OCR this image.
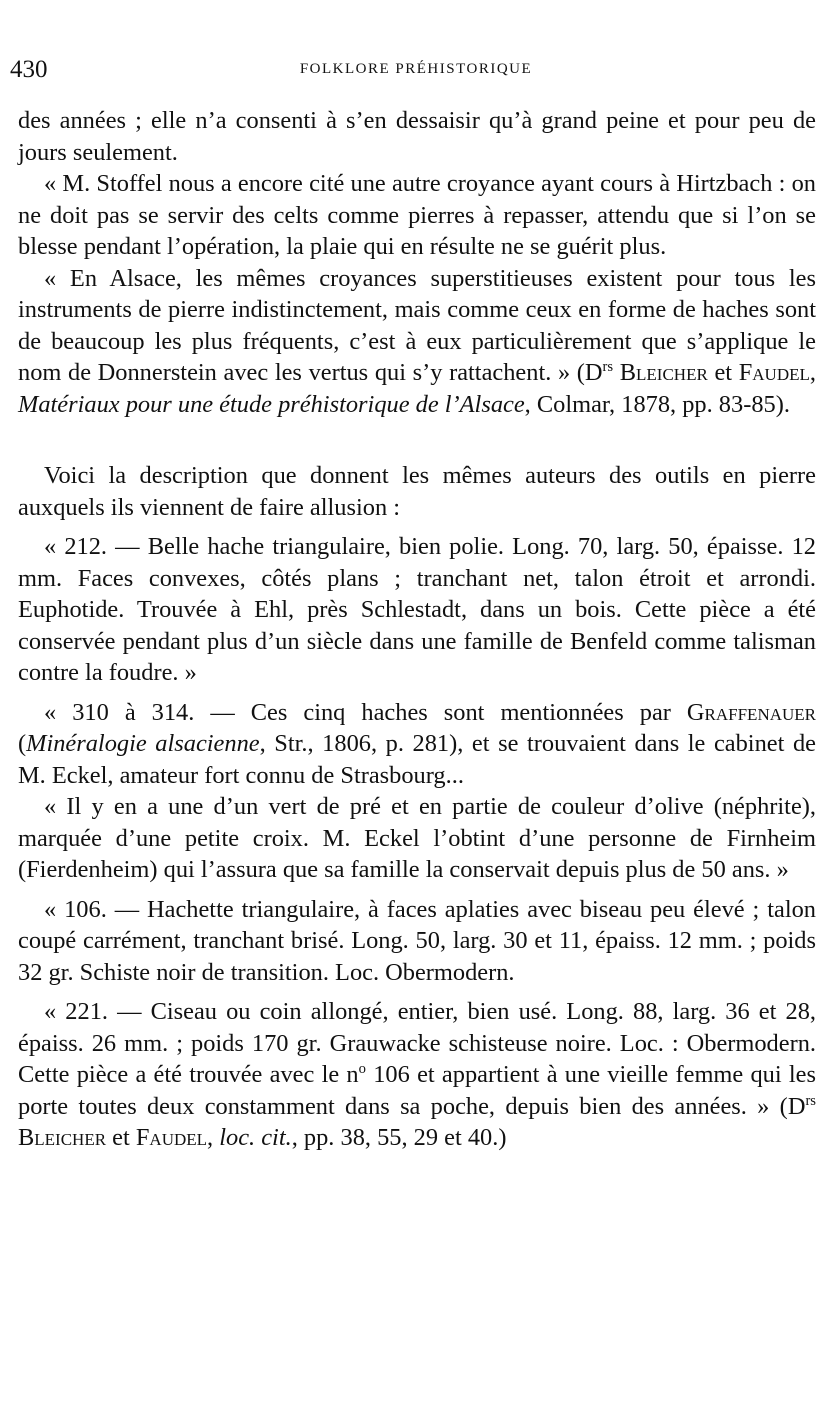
430	FOLKLORE PRÉHISTORIQUE

des années ; elle n’a consenti à s’en dessaisir qu’à grand peine et pour peu de jours seulement.

« M. Stoffel nous a encore cité une autre croyance ayant cours à Hirtzbach : on ne doit pas se servir des celts comme pierres à repasser, attendu que si l’on se blesse pendant l’opération, la plaie qui en résulte ne se guérit plus.

« En Alsace, les mêmes croyances superstitieuses existent pour tous les instruments de pierre indistinctement, mais comme ceux en forme de haches sont de beaucoup les plus fréquents, c’est à eux particulièrement que s’applique le nom de Donnerstein avec les vertus qui s’y rattachent. » ($D^{rs}$ Bleicher et Faudel, Matériaux pour une étude préhistorique de l’Alsace, Colmar, 1878, pp. 83-85).

Voici la description que donnent les mêmes auteurs des outils en pierre auxquels ils viennent de faire allusion :

« 212. — Belle hache triangulaire, bien polie. Long. 70, larg. 50, épaisse. 12 mm. Faces convexes, côtés plans ; tranchant net, talon étroit et arrondi. Euphotide. Trouvée à Ehl, près Schlestadt, dans un bois. Cette pièce a été conservée pendant plus d’un siècle dans une famille de Benfeld comme talisman contre la foudre. »

« 310 à 314. — Ces cinq haches sont mentionnées par Graffenauer (Minéralogie alsacienne, Str., 1806, p. 281), et se trouvaient dans le cabinet de M. Eckel, amateur fort connu de Strasbourg...

« Il y en a une d’un vert de pré et en partie de couleur d’olive (néphrite), marquée d’une petite croix. M. Eckel l’obtint d’une personne de Firnheim (Fierdenheim) qui l’assura que sa famille la conservait depuis plus de 50 ans. »

« 106. — Hachette triangulaire, à faces aplaties avec biseau peu élevé ; talon coupé carrément, tranchant brisé. Long. 50, larg. 30 et 11, épaiss. 12 mm. ; poids 32 gr. Schiste noir de transition. Loc. Obermodern.

« 221. — Ciseau ou coin allongé, entier, bien usé. Long. 88, larg. 36 et 28, épaiss. 26 mm. ; poids 170 gr. Grauwacke schisteuse noire. Loc. : Obermodern. Cette pièce a été trouvée avec le $n^o$ 106 et appartient à une vieille femme qui les porte toutes deux constamment dans sa poche, depuis bien des années. » ($D^{rs}$ Bleicher et Faudel, loc. cit., pp. 38, 55, 29 et 40.)
